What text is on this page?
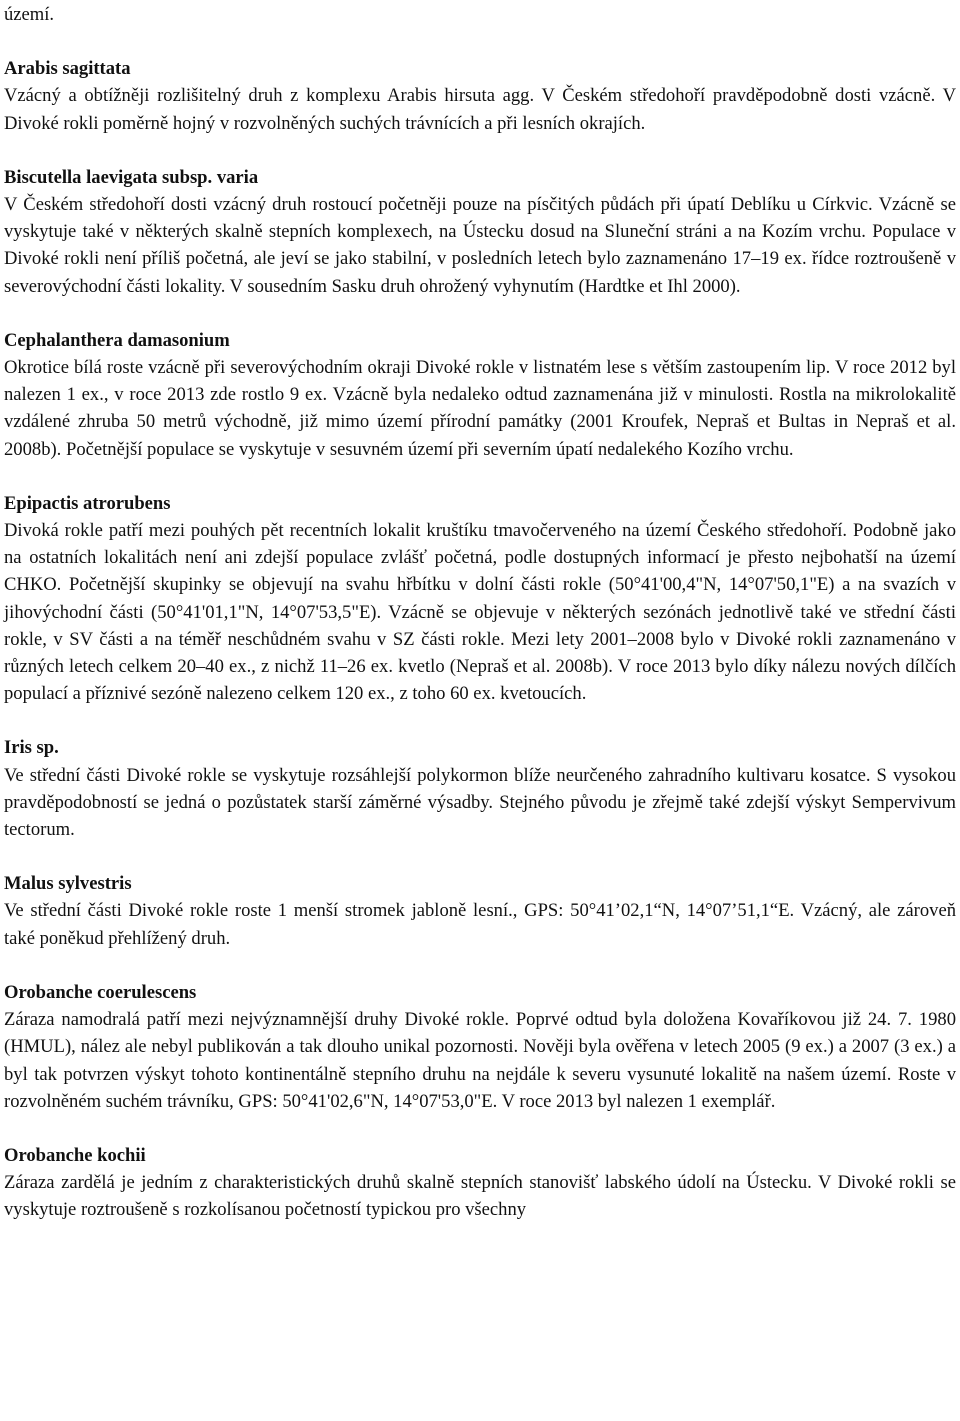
území.

Arabis sagittata

Vzácný a obtížněji rozlišitelný druh z komplexu Arabis hirsuta agg. V Českém středohoří pravděpodobně dosti vzácně. V Divoké rokli poměrně hojný v rozvolněných suchých trávnících a při lesních okrajích.

Biscutella laevigata subsp. varia

V Českém středohoří dosti vzácný druh rostoucí početněji pouze na písčitých půdách při úpatí Deblíku u Církvic. Vzácně se vyskytuje také v některých skalně stepních komplexech, na Ústecku dosud na Sluneční stráni a na Kozím vrchu. Populace v Divoké rokli není příliš početná, ale jeví se jako stabilní, v posledních letech bylo zaznamenáno 17–19 ex. řídce roztroušeně v severovýchodní části lokality. V sousedním Sasku druh ohrožený vyhynutím (Hardtke et Ihl 2000).

Cephalanthera damasonium

Okrotice bílá roste vzácně při severovýchodním okraji Divoké rokle v listnatém lese s větším zastoupením lip. V roce 2012 byl nalezen 1 ex., v roce 2013 zde rostlo 9 ex. Vzácně byla nedaleko odtud zaznamenána již v minulosti. Rostla na mikrolokalitě vzdálené zhruba 50 metrů východně, již mimo území přírodní památky (2001 Kroufek, Nepraš et Bultas in Nepraš et al. 2008b). Početnější populace se vyskytuje v sesuvném území při severním úpatí nedalekého Kozího vrchu.

Epipactis atrorubens

Divoká rokle patří mezi pouhých pět recentních lokalit kruštíku tmavočerveného na území Českého středohoří. Podobně jako na ostatních lokalitách není ani zdejší populace zvlášť početná, podle dostupných informací je přesto nejbohatší na území CHKO. Početnější skupinky se objevují na svahu hřbítku v dolní části rokle (50°41'00,4"N, 14°07'50,1"E) a na svazích v jihovýchodní části (50°41'01,1"N, 14°07'53,5"E). Vzácně se objevuje v některých sezónách jednotlivě také ve střední části rokle, v SV části a na téměř neschůdném svahu v SZ části rokle. Mezi lety 2001–2008 bylo v Divoké rokli zaznamenáno v různých letech celkem 20–40 ex., z nichž 11–26 ex. kvetlo (Nepraš et al. 2008b). V roce 2013 bylo díky nálezu nových dílčích populací a příznivé sezóně nalezeno celkem 120 ex., z toho 60 ex. kvetoucích.

Iris sp.

Ve střední části Divoké rokle se vyskytuje rozsáhlejší polykormon blíže neurčeného zahradního kultivaru kosatce. S vysokou pravděpodobností se jedná o pozůstatek starší záměrné výsadby. Stejného původu je zřejmě také zdejší výskyt Sempervivum tectorum.

Malus sylvestris

Ve střední části Divoké rokle roste 1 menší stromek jabloně lesní., GPS: 50°41’02,1“N, 14°07’51,1“E. Vzácný, ale zároveň také poněkud přehlížený druh.

Orobanche coerulescens

Záraza namodralá patří mezi nejvýznamnější druhy Divoké rokle. Poprvé odtud byla doložena Kovaříkovou již 24. 7. 1980 (HMUL), nález ale nebyl publikován a tak dlouho unikal pozornosti. Nověji byla ověřena v letech 2005 (9 ex.) a 2007 (3 ex.) a byl tak potvrzen výskyt tohoto kontinentálně stepního druhu na nejdále k severu vysunuté lokalitě na našem území. Roste v rozvolněném suchém trávníku, GPS: 50°41'02,6"N, 14°07'53,0"E. V roce 2013 byl nalezen 1 exemplář.

Orobanche kochii

Záraza zardělá je jedním z charakteristických druhů skalně stepních stanovišť labského údolí na Ústecku. V Divoké rokli se vyskytuje roztroušeně s rozkolísanou početností typickou pro všechny
